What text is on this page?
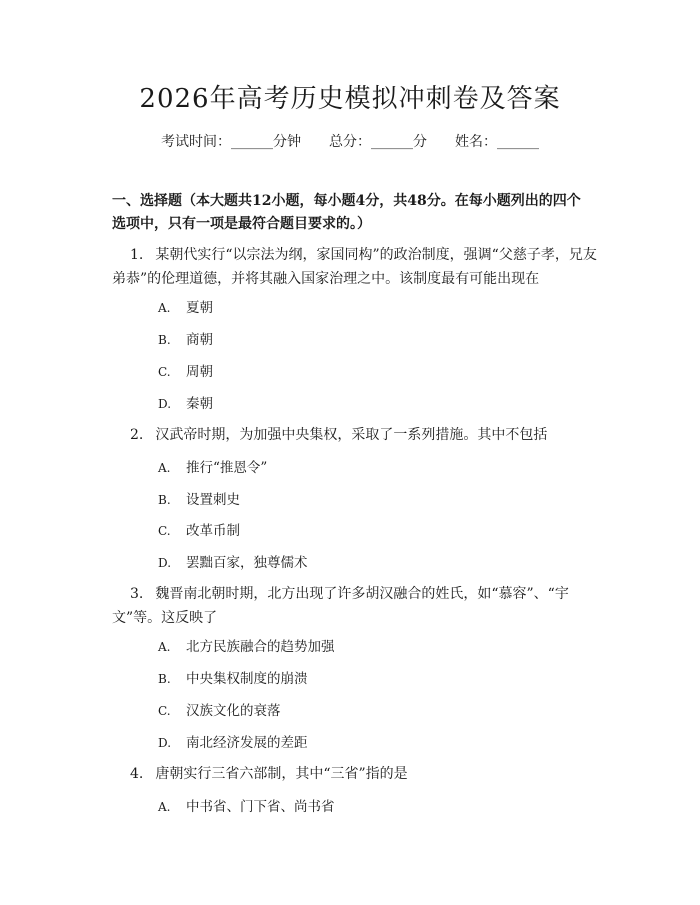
2026年高考历史模拟冲刺卷及答案
考试时间：______分钟 总分：______分 姓名：______
一、选择题（本大题共12小题，每小题4分，共48分。在每小题列出的四个选项中，只有一项是最符合题目要求的。）
1. 某朝代实行“以宗法为纲，家国同构”的政治制度，强调“父慈子孝，兄友弟恭”的伦理道德，并将其融入国家治理之中。该制度最有可能出现在
A. 夏朝
B. 商朝
C. 周朝
D. 秦朝
2. 汉武帝时期，为加强中央集权，采取了一系列措施。其中不包括
A. 推行“推恩令”
B. 设置刺史
C. 改革币制
D. 罢黜百家，独尊儒术
3. 魏晋南北朝时期，北方出现了许多胡汉融合的姓氏，如“慕容”、“宇文”等。这反映了
A. 北方民族融合的趋势加强
B. 中央集权制度的崩溃
C. 汉族文化的衰落
D. 南北经济发展的差距
4. 唐朝实行三省六部制，其中“三省”指的是
A. 中书省、门下省、尚书省
